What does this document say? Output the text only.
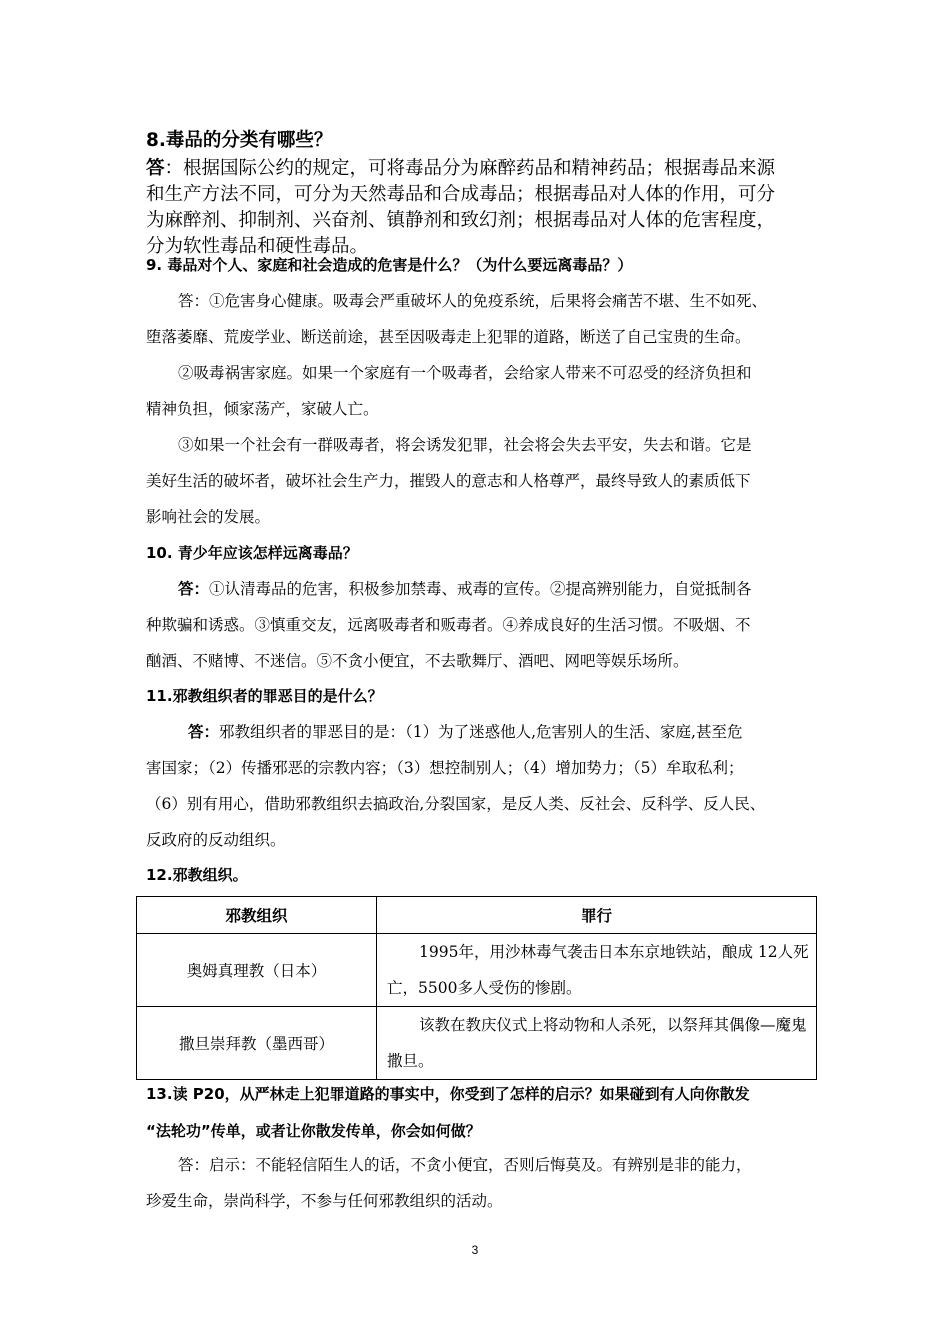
8.毒品的分类有哪些？
答：根据国际公约的规定，可将毒品分为麻醉药品和精神药品；根据毒品来源
和生产方法不同，可分为天然毒品和合成毒品；根据毒品对人体的作用，可分
为麻醉剂、抑制剂、兴奋剂、镇静剂和致幻剂；根据毒品对人体的危害程度，
分为软性毒品和硬性毒品。
9. 毒品对个人、家庭和社会造成的危害是什么？（为什么要远离毒品？）
答：①危害身心健康。吸毒会严重破坏人的免疫系统，后果将会痛苦不堪、生不如死、
堕落萎靡、荒废学业、断送前途，甚至因吸毒走上犯罪的道路，断送了自己宝贵的生命。
②吸毒祸害家庭。如果一个家庭有一个吸毒者，会给家人带来不可忍受的经济负担和
精神负担，倾家荡产，家破人亡。
③如果一个社会有一群吸毒者，将会诱发犯罪，社会将会失去平安，失去和谐。它是
美好生活的破坏者，破坏社会生产力，摧毁人的意志和人格尊严，最终导致人的素质低下
影响社会的发展。
10. 青少年应该怎样远离毒品？
答：①认清毒品的危害，积极参加禁毒、戒毒的宣传。②提高辨别能力，自觉抵制各
种欺骗和诱惑。③慎重交友，远离吸毒者和贩毒者。④养成良好的生活习惯。不吸烟、不
酗酒、不赌博、不迷信。⑤不贪小便宜，不去歌舞厅、酒吧、网吧等娱乐场所。
11.邪教组织者的罪恶目的是什么？
答：邪教组织者的罪恶目的是：（1）为了迷惑他人,危害别人的生活、家庭,甚至危
害国家；（2）传播邪恶的宗教内容；（3）想控制别人；（4）增加势力；（5）牟取私利；
（6）别有用心，借助邪教组织去搞政治,分裂国家，是反人类、反社会、反科学、反人民、
反政府的反动组织。
12.邪教组织。
邪教组织	罪行
奥姆真理教（日本）	1995年，用沙林毒气袭击日本东京地铁站，酿成 12人死亡，5500多人受伤的惨剧。
撒旦崇拜教（墨西哥）	该教在教庆仪式上将动物和人杀死，以祭拜其偶像—魔鬼撒旦。
13.读 P20，从严林走上犯罪道路的事实中，你受到了怎样的启示？如果碰到有人向你散发
“法轮功”传单，或者让你散发传单，你会如何做？
答：启示：不能轻信陌生人的话，不贪小便宜，否则后悔莫及。有辨别是非的能力，
珍爱生命，崇尚科学，不参与任何邪教组织的活动。
3
